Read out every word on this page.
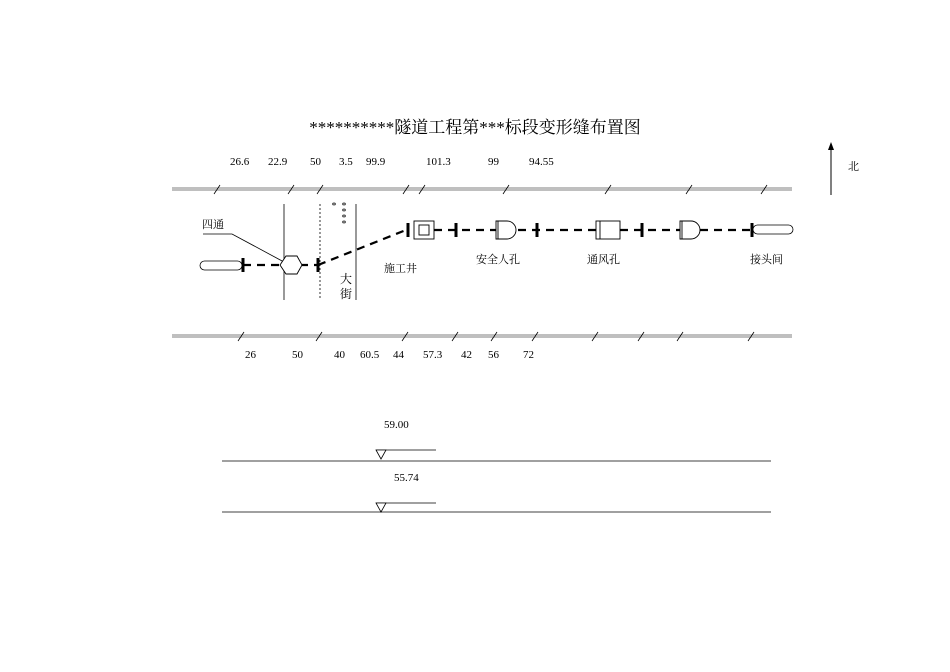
**********隧道工程第***标段变形缝布置图
北
26.6 22.9 50 3.5 99.9	101.3	99	94.55
26	50	40 60.5 44 57.3 42 56 72
四通
施工井
安全人孔	通风孔	接头间
大
街
* ****
59.00
55.74
